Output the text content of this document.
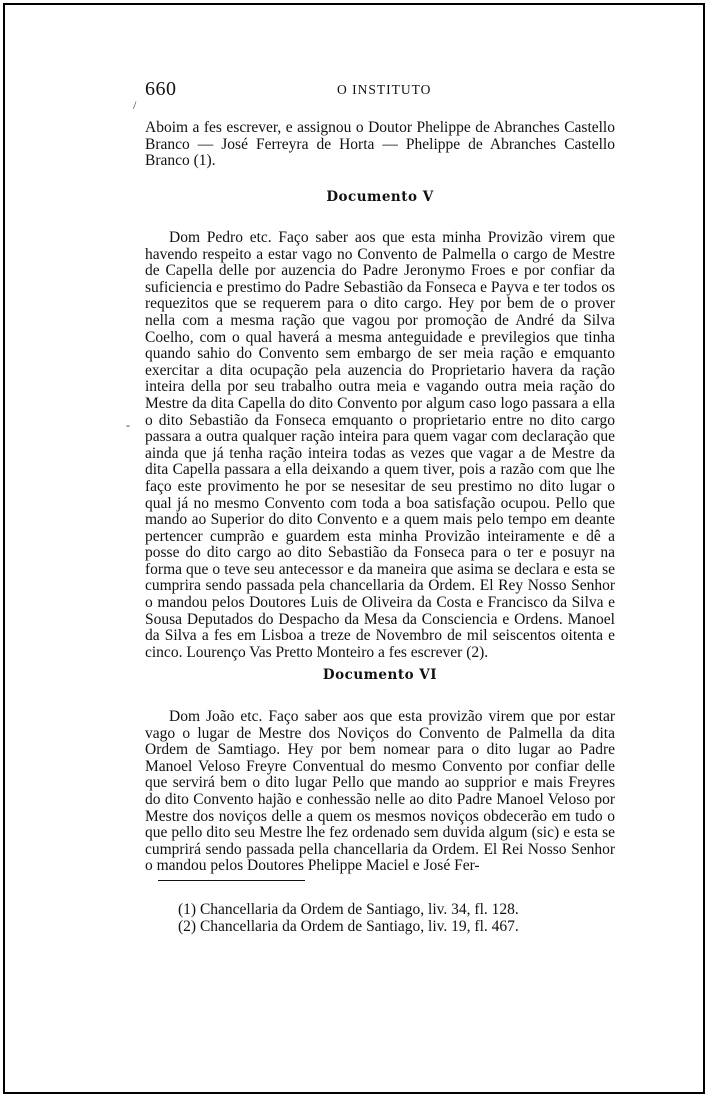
660	O INSTITUTO
/
-

Aboim a fes escrever, e assignou o Doutor Phelippe de Abranches Castello Branco — José Ferreyra de Horta — Phelippe de Abranches Castello Branco (1).

Documento V

Dom Pedro etc. Faço saber aos que esta minha Provizão virem que havendo respeito a estar vago no Convento de Palmella o cargo de Mestre de Capella delle por auzencia do Padre Jeronymo Froes e por confiar da suficiencia e prestimo do Padre Sebastião da Fonseca e Payva e ter todos os requezitos que se requerem para o dito cargo. Hey por bem de o prover nella com a mesma ração que vagou por promoção de André da Silva Coelho, com o qual haverá a mesma anteguidade e previlegios que tinha quando sahio do Convento sem embargo de ser meia ração e emquanto exercitar a dita ocupação pela auzencia do Proprietario havera da ração inteira della por seu trabalho outra meia e vagando outra meia ração do Mestre da dita Capella do dito Convento por algum caso logo passara a ella o dito Sebastião da Fonseca emquanto o proprietario entre no dito cargo passara a outra qualquer ração inteira para quem vagar com declaração que ainda que já tenha ração inteira todas as vezes que vagar a de Mestre da dita Capella passara a ella deixando a quem tiver, pois a razão com que lhe faço este provimento he por se nesesitar de seu prestimo no dito lugar o qual já no mesmo Convento com toda a boa satisfação ocupou. Pello que mando ao Superior do dito Convento e a quem mais pelo tempo em deante pertencer cumprão e guardem esta minha Provizão inteiramente e dê a posse do dito cargo ao dito Sebastião da Fonseca para o ter e posuyr na forma que o teve seu antecessor e da maneira que asima se declara e esta se cumprira sendo passada pela chancellaria da Ordem. El Rey Nosso Senhor o mandou pelos Doutores Luis de Oliveira da Costa e Francisco da Silva e Sousa Deputados do Despacho da Mesa da Consciencia e Ordens. Manoel da Silva a fes em Lisboa a treze de Novembro de mil seiscentos oitenta e cinco. Lourenço Vas Pretto Monteiro a fes escrever (2).

Documento VI

Dom João etc. Faço saber aos que esta provizão virem que por estar vago o lugar de Mestre dos Noviços do Convento de Palmella da dita Ordem de Samtiago. Hey por bem nomear para o dito lugar ao Padre Manoel Veloso Freyre Conventual do mesmo Convento por confiar delle que servirá bem o dito lugar Pello que mando ao supprior e mais Freyres do dito Convento hajão e conhessão nelle ao dito Padre Manoel Veloso por Mestre dos noviços delle a quem os mesmos noviços obdecerão em tudo o que pello dito seu Mestre lhe fez ordenado sem duvida algum (sic) e esta se cumprirá sendo passada pella chancellaria da Ordem. El Rei Nosso Senhor o mandou pelos Doutores Phelippe Maciel e José Fer-

(1) Chancellaria da Ordem de Santiago, liv. 34, fl. 128.
(2) Chancellaria da Ordem de Santiago, liv. 19, fl. 467.
